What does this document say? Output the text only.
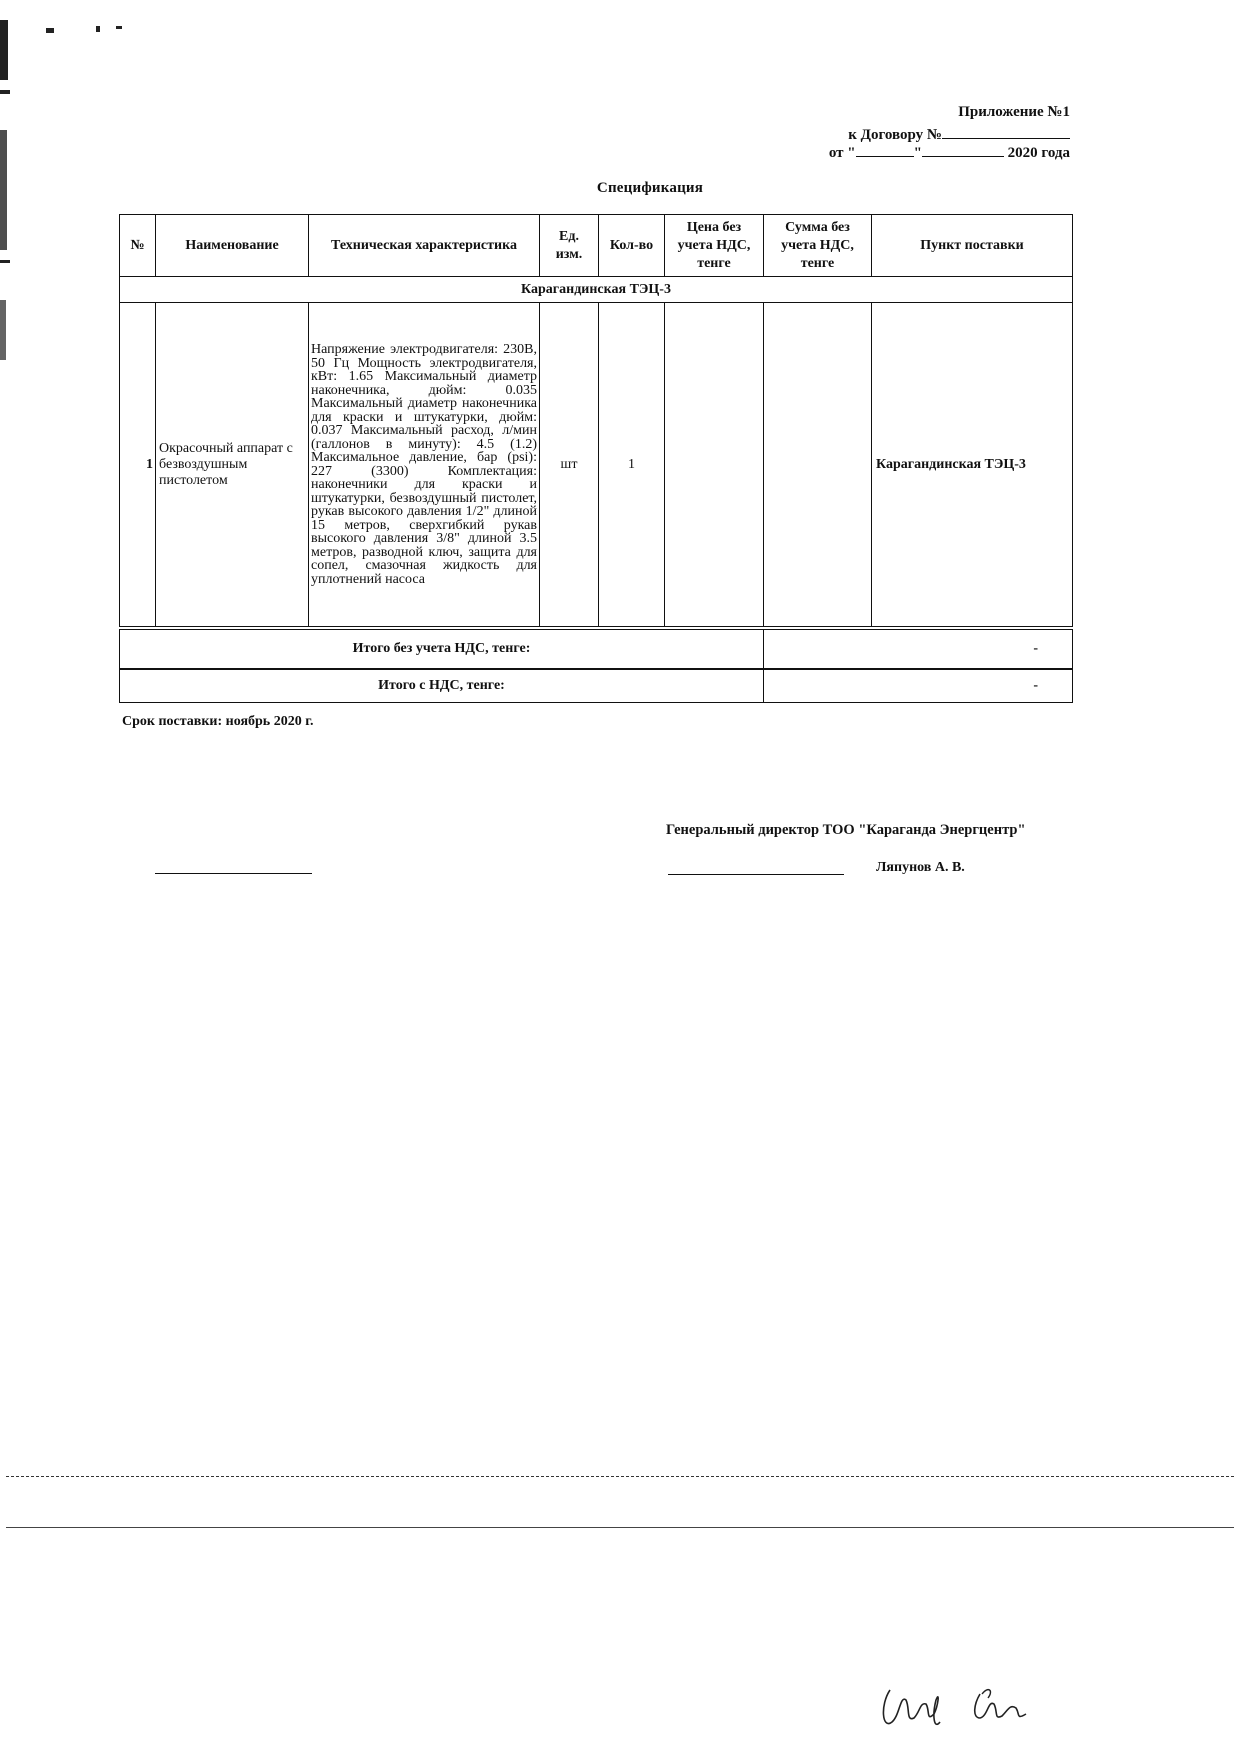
Приложение №1
к Договору №
от "	"	2020 года
Спецификация
№	Наименование	Техническая характеристика	Ед. изм.	Кол-во	Цена без учета НДС, тенге	Сумма без учета НДС, тенге	Пункт поставки
Карагандинская ТЭЦ-3							
1	Окрасочный аппарат с безвоздушным пистолетом	Напряжение электродвигателя: 230В, 50 Гц Мощность электродвигателя, кВт: 1.65 Максимальный диаметр наконечника, дюйм: 0.035 Максимальный диаметр наконечника для краски и штукатурки, дюйм: 0.037 Максимальный расход, л/мин (галлонов в минуту): 4.5 (1.2) Максимальное давление, бар (psi): 227 (3300) Комплектация: наконечники для краски и штукатурки, безвоздушный пистолет, рукав высокого давления 1/2" длиной 15 метров, сверхгибкий рукав высокого давления 3/8" длиной 3.5 метров, разводной ключ, защита для сопел, смазочная жидкость для уплотнений насоса	шт	1			Карагандинская ТЭЦ-3
Итого без учета НДС, тенге:	-
Итого с НДС, тенге:	-
Срок поставки: ноябрь 2020 г.
Генеральный директор ТОО "Караганда Энергцентр"
Ляпунов А. В.
